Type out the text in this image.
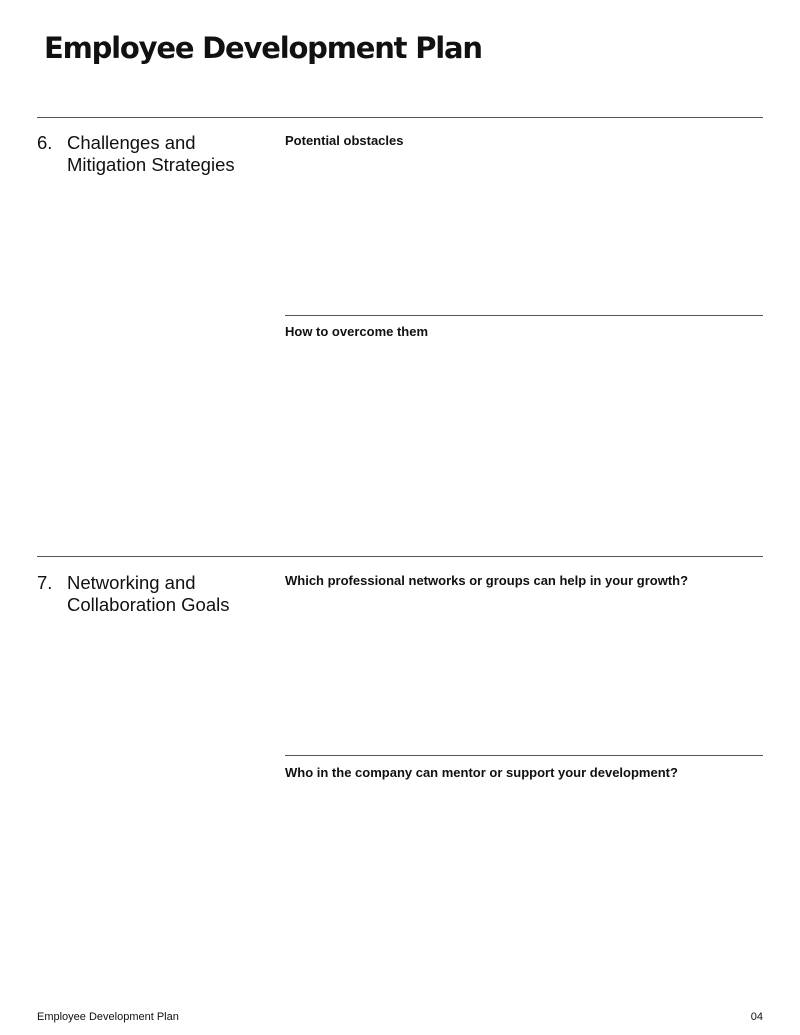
Employee Development Plan
6. Challenges and Mitigation Strategies
Potential obstacles
How to overcome them
7. Networking and Collaboration Goals
Which professional networks or groups can help in your growth?
Who in the company can mentor or support your development?
Employee Development Plan	04
